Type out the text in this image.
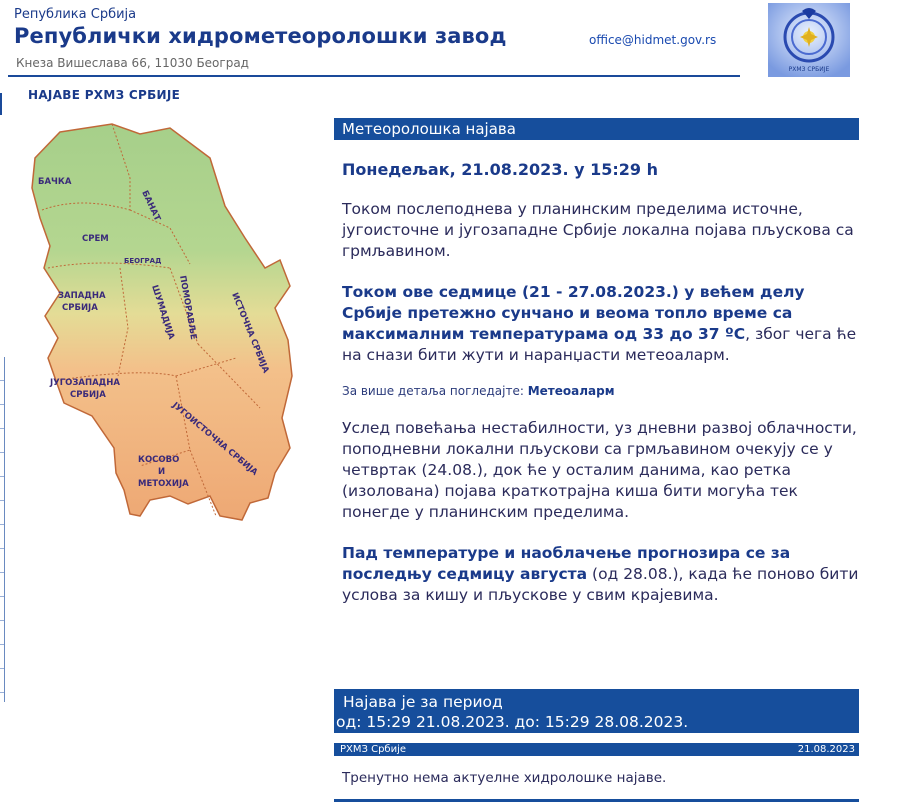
Република Србија
Републички хидрометеоролошки завод
Кнеза Вишеслава 66, 11030 Београд
office@hidmet.gov.rs
РХМЗ СРБИЈЕ
НАЈАВЕ РХМЗ СРБИЈЕ
БАЧКА
БАНАТ
СРЕМ
БЕОГРАД
ЗАПАДНА
СРБИЈА	ШУМАДИЈА ПОМОРАВЉЕ	ИСТОЧНА СРБИЈА
ЈУГОЗАПАДНА
СРБИЈА
ЈУГОИСТОЧНА СРБИЈА
КОСОВО
И
МЕТОХИЈА
Метеоролошка најава
Понедељак, 21.08.2023. у 15:29 h
Током послеподнева у планинским пределима источне, југоисточне и југозападне Србије локална појава пљускова са грмљавином.
Током ове седмице (21 - 27.08.2023.) у већем делу Србије претежно сунчано и веома топло време са максималним температурама од 33 до 37 ºC, због чега ће на снази бити жути и наранџасти метеоаларм.
За више детаља погледајте: Метеоаларм
Услед повећања нестабилности, уз дневни развој облачности, поподневни локални пљускови са грмљавином очекују се у четвртак (24.08.), док ће у осталим данима, као ретка (изолована) појава краткотрајна киша бити могућа тек понегде у планинским пределима.
Пад температуре и наоблачење прогнозира се за последњу седмицу августа (од 28.08.), када ће поново бити услова за кишу и пљускове у свим крајевима.
Најава је за период
од: 15:29 21.08.2023. до: 15:29 28.08.2023.
РХМЗ Србије	21.08.2023
Тренутно нема актуелне хидролошке најаве.
